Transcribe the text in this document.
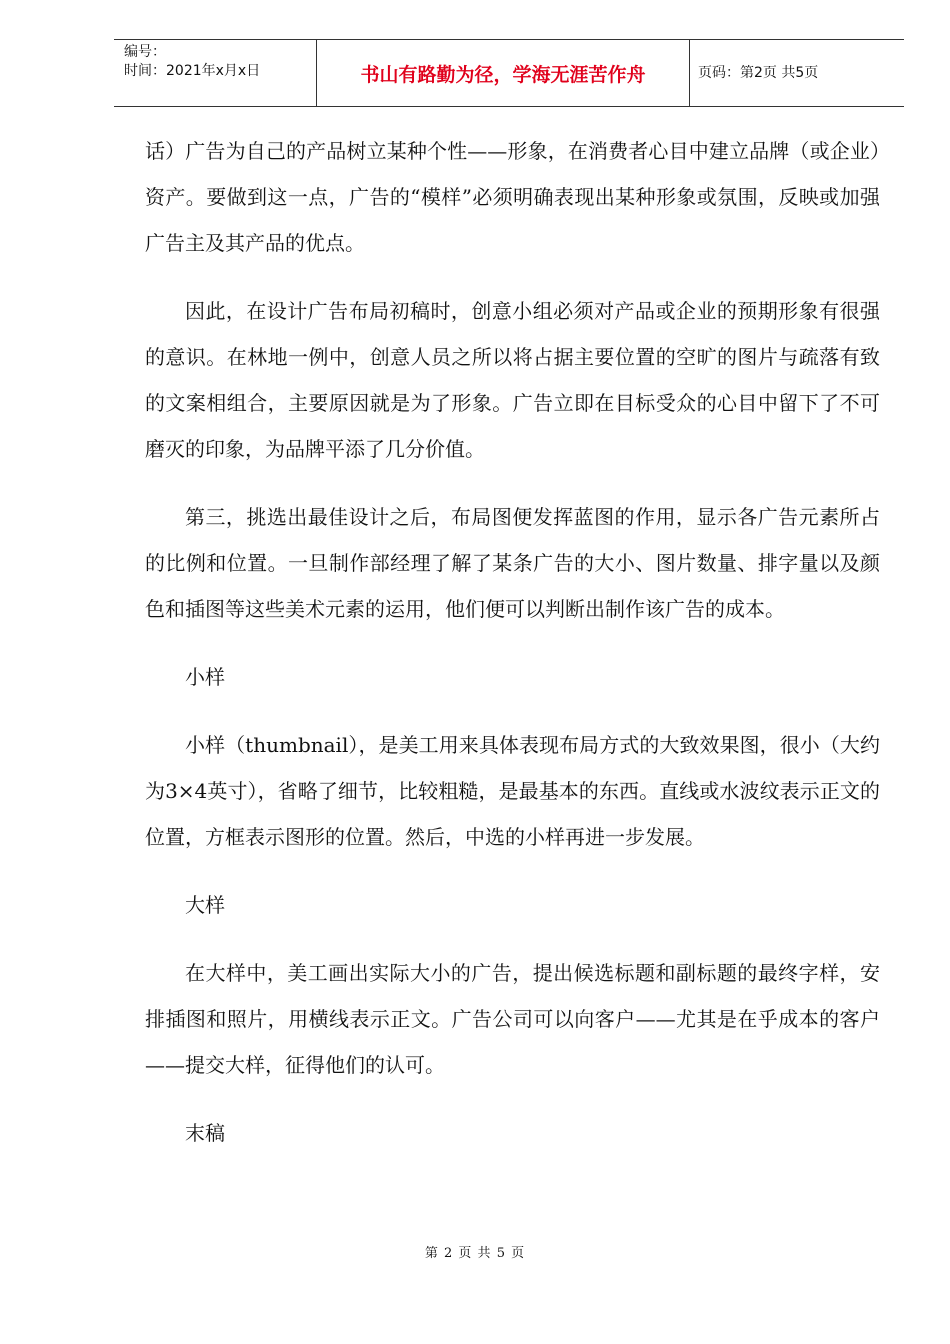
编号：
时间：2021年x月x日	书山有路勤为径，学海无涯苦作舟	页码：第2页 共5页

话）广告为自己的产品树立某种个性——形象，在消费者心目中建立品牌（或企业）资产。要做到这一点，广告的“模样”必须明确表现出某种形象或氛围，反映或加强广告主及其产品的优点。

因此，在设计广告布局初稿时，创意小组必须对产品或企业的预期形象有很强的意识。在林地一例中，创意人员之所以将占据主要位置的空旷的图片与疏落有致的文案相组合，主要原因就是为了形象。广告立即在目标受众的心目中留下了不可磨灭的印象，为品牌平添了几分价值。

第三，挑选出最佳设计之后，布局图便发挥蓝图的作用，显示各广告元素所占的比例和位置。一旦制作部经理了解了某条广告的大小、图片数量、排字量以及颜色和插图等这些美术元素的运用，他们便可以判断出制作该广告的成本。

小样

小样（thumbnail），是美工用来具体表现布局方式的大致效果图，很小（大约为3×4英寸），省略了细节，比较粗糙，是最基本的东西。直线或水波纹表示正文的位置，方框表示图形的位置。然后，中选的小样再进一步发展。

大样

在大样中，美工画出实际大小的广告，提出候选标题和副标题的最终字样，安排插图和照片，用横线表示正文。广告公司可以向客户——尤其是在乎成本的客户——提交大样，征得他们的认可。

末稿

第 2 页 共 5 页
